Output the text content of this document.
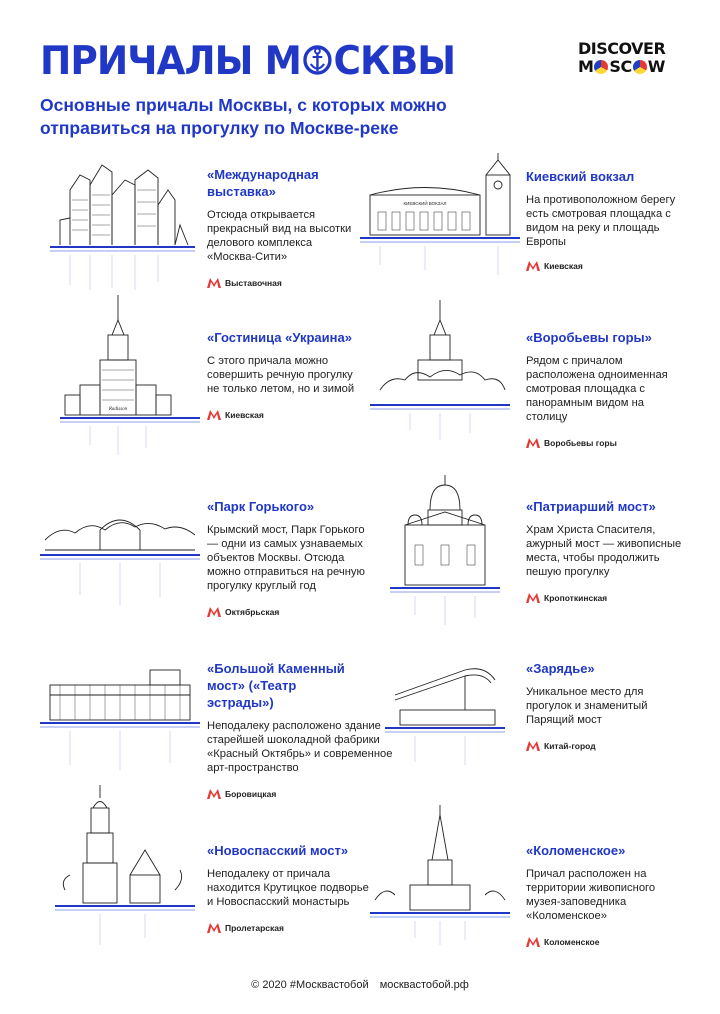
ПРИЧАЛЫ М СКВЫ	DISCOVER
M SC W
Основные причалы Москвы, с которых можно отправиться на прогулку по Москве-реке
«Международная выставка»
Отсюда открывается прекрасный вид на высотки делового комплекса «Москва-Сити»
Выставочная
Киевский вокзал
На противоположном берегу есть смотровая площадка с видом на реку и площадь Европы
Киевская
«Гостиница «Украина»
С этого причала можно совершить речную прогулку не только летом, но и зимой
Киевская
«Воробьевы горы»
Рядом с причалом расположена одноименная смотровая площадка с панорамным видом на столицу
Воробьевы горы
«Парк Горького»
Крымский мост, Парк Горького — одни из самых узнаваемых объектов Москвы. Отсюда можно отправиться на речную прогулку круглый год
Октябрьская
«Патриарший мост»
Храм Христа Спасителя, ажурный мост — живописные места, чтобы продолжить пешую прогулку
Кропоткинская
«Большой Каменный мост» («Театр эстрады»)
Неподалеку расположено здание старейшей шоколадной фабрики «Красный Октябрь» и современное арт-пространство
Боровицкая
«Зарядье»
Уникальное место для прогулок и знаменитый Парящий мост
Китай-город
«Новоспасский мост»
Неподалеку от причала находится Крутицкое подворье и Новоспасский монастырь
Пролетарская
«Коломенское»
Причал расположен на территории живописного музея-заповедника «Коломенское»
Коломенское
КИЕВСКИЙ ВОКЗАЛ
Radisson
© 2020 #Москвастобой москвастобой.рф
